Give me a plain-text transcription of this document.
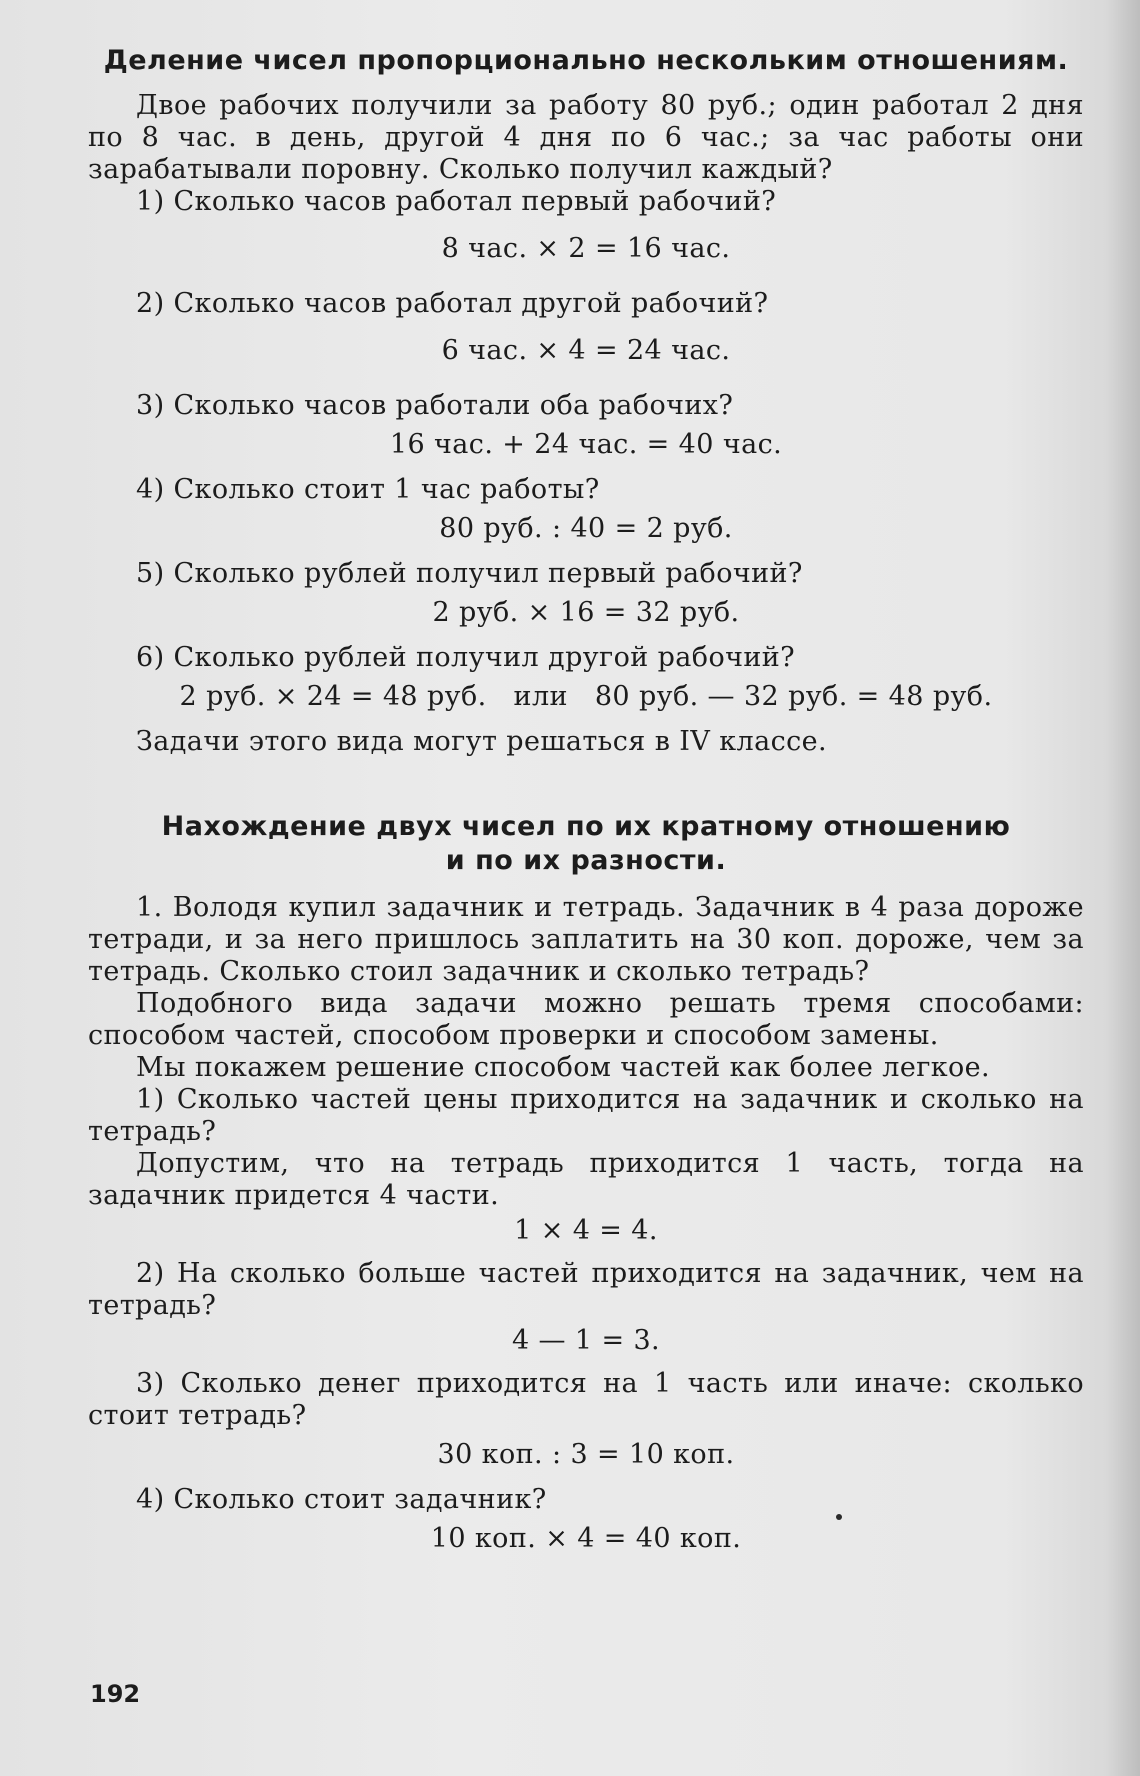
Деление чисел пропорционально нескольким отношениям.

Двое рабочих получили за работу 80 руб.; один работал 2 дня по 8 час. в день, другой 4 дня по 6 час.; за час работы они зарабатывали поровну. Сколько получил каждый?

1) Сколько часов работал первый рабочий?

8 час. × 2 = 16 час.

2) Сколько часов работал другой рабочий?

6 час. × 4 = 24 час.

3) Сколько часов работали оба рабочих?

16 час. + 24 час. = 40 час.

4) Сколько стоит 1 час работы?

80 руб. : 40 = 2 руб.

5) Сколько рублей получил первый рабочий?

2 руб. × 16 = 32 руб.

6) Сколько рублей получил другой рабочий?

2 руб. × 24 = 48 руб.   или   80 руб. — 32 руб. = 48 руб.

Задачи этого вида могут решаться в IV классе.

Нахождение двух чисел по их кратному отношению
и по их разности.

1. Володя купил задачник и тетрадь. Задачник в 4 раза дороже тетради, и за него пришлось заплатить на 30 коп. дороже, чем за тетрадь. Сколько стоил задачник и сколько тетрадь?

Подобного вида задачи можно решать тремя способами: способом частей, способом проверки и способом замены.

Мы покажем решение способом частей как более легкое.

1) Сколько частей цены приходится на задачник и сколько на тетрадь?

Допустим, что на тетрадь приходится 1 часть, тогда на задачник придется 4 части.

1 × 4 = 4.

2) На сколько больше частей приходится на задачник, чем на тетрадь?

4 — 1 = 3.

3) Сколько денег приходится на 1 часть или иначе: сколько стоит тетрадь?

30 коп. : 3 = 10 коп.

4) Сколько стоит задачник?

10 коп. × 4 = 40 коп.

192
